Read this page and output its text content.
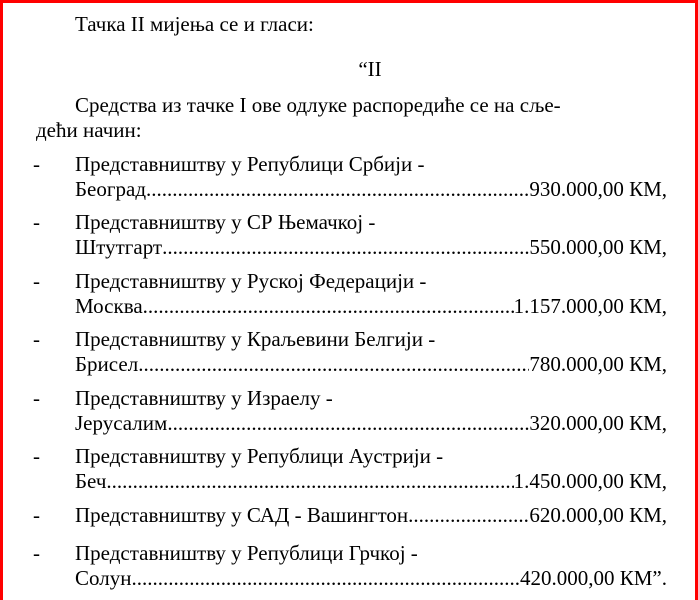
Тачка II мијења се и гласи:
“II
Средства из тачке I ове одлуке распоредиће се на сље-
дећи начин:
- Представништву у Републици Србији -
Београд .....	930.000,00 КМ,
- Представништву у СР Њемачкој -
Штутгарт .....	550.000,00 КМ,
- Представништву у Руској Федерацији -
Москва .....	1.157.000,00 КМ,
- Представништву у Краљевини Белгији -
Брисел .....	780.000,00 КМ,
- Представништву у Израелу -
Јерусалим .....	320.000,00 КМ,
- Представништву у Републици Аустрији -
Беч .....	1.450.000,00 КМ,
- Представништву у САД - Вашингтон .....	620.000,00 КМ,
- Представништву у Републици Грчкој -
Солун .....	420.000,00 КМ”.
